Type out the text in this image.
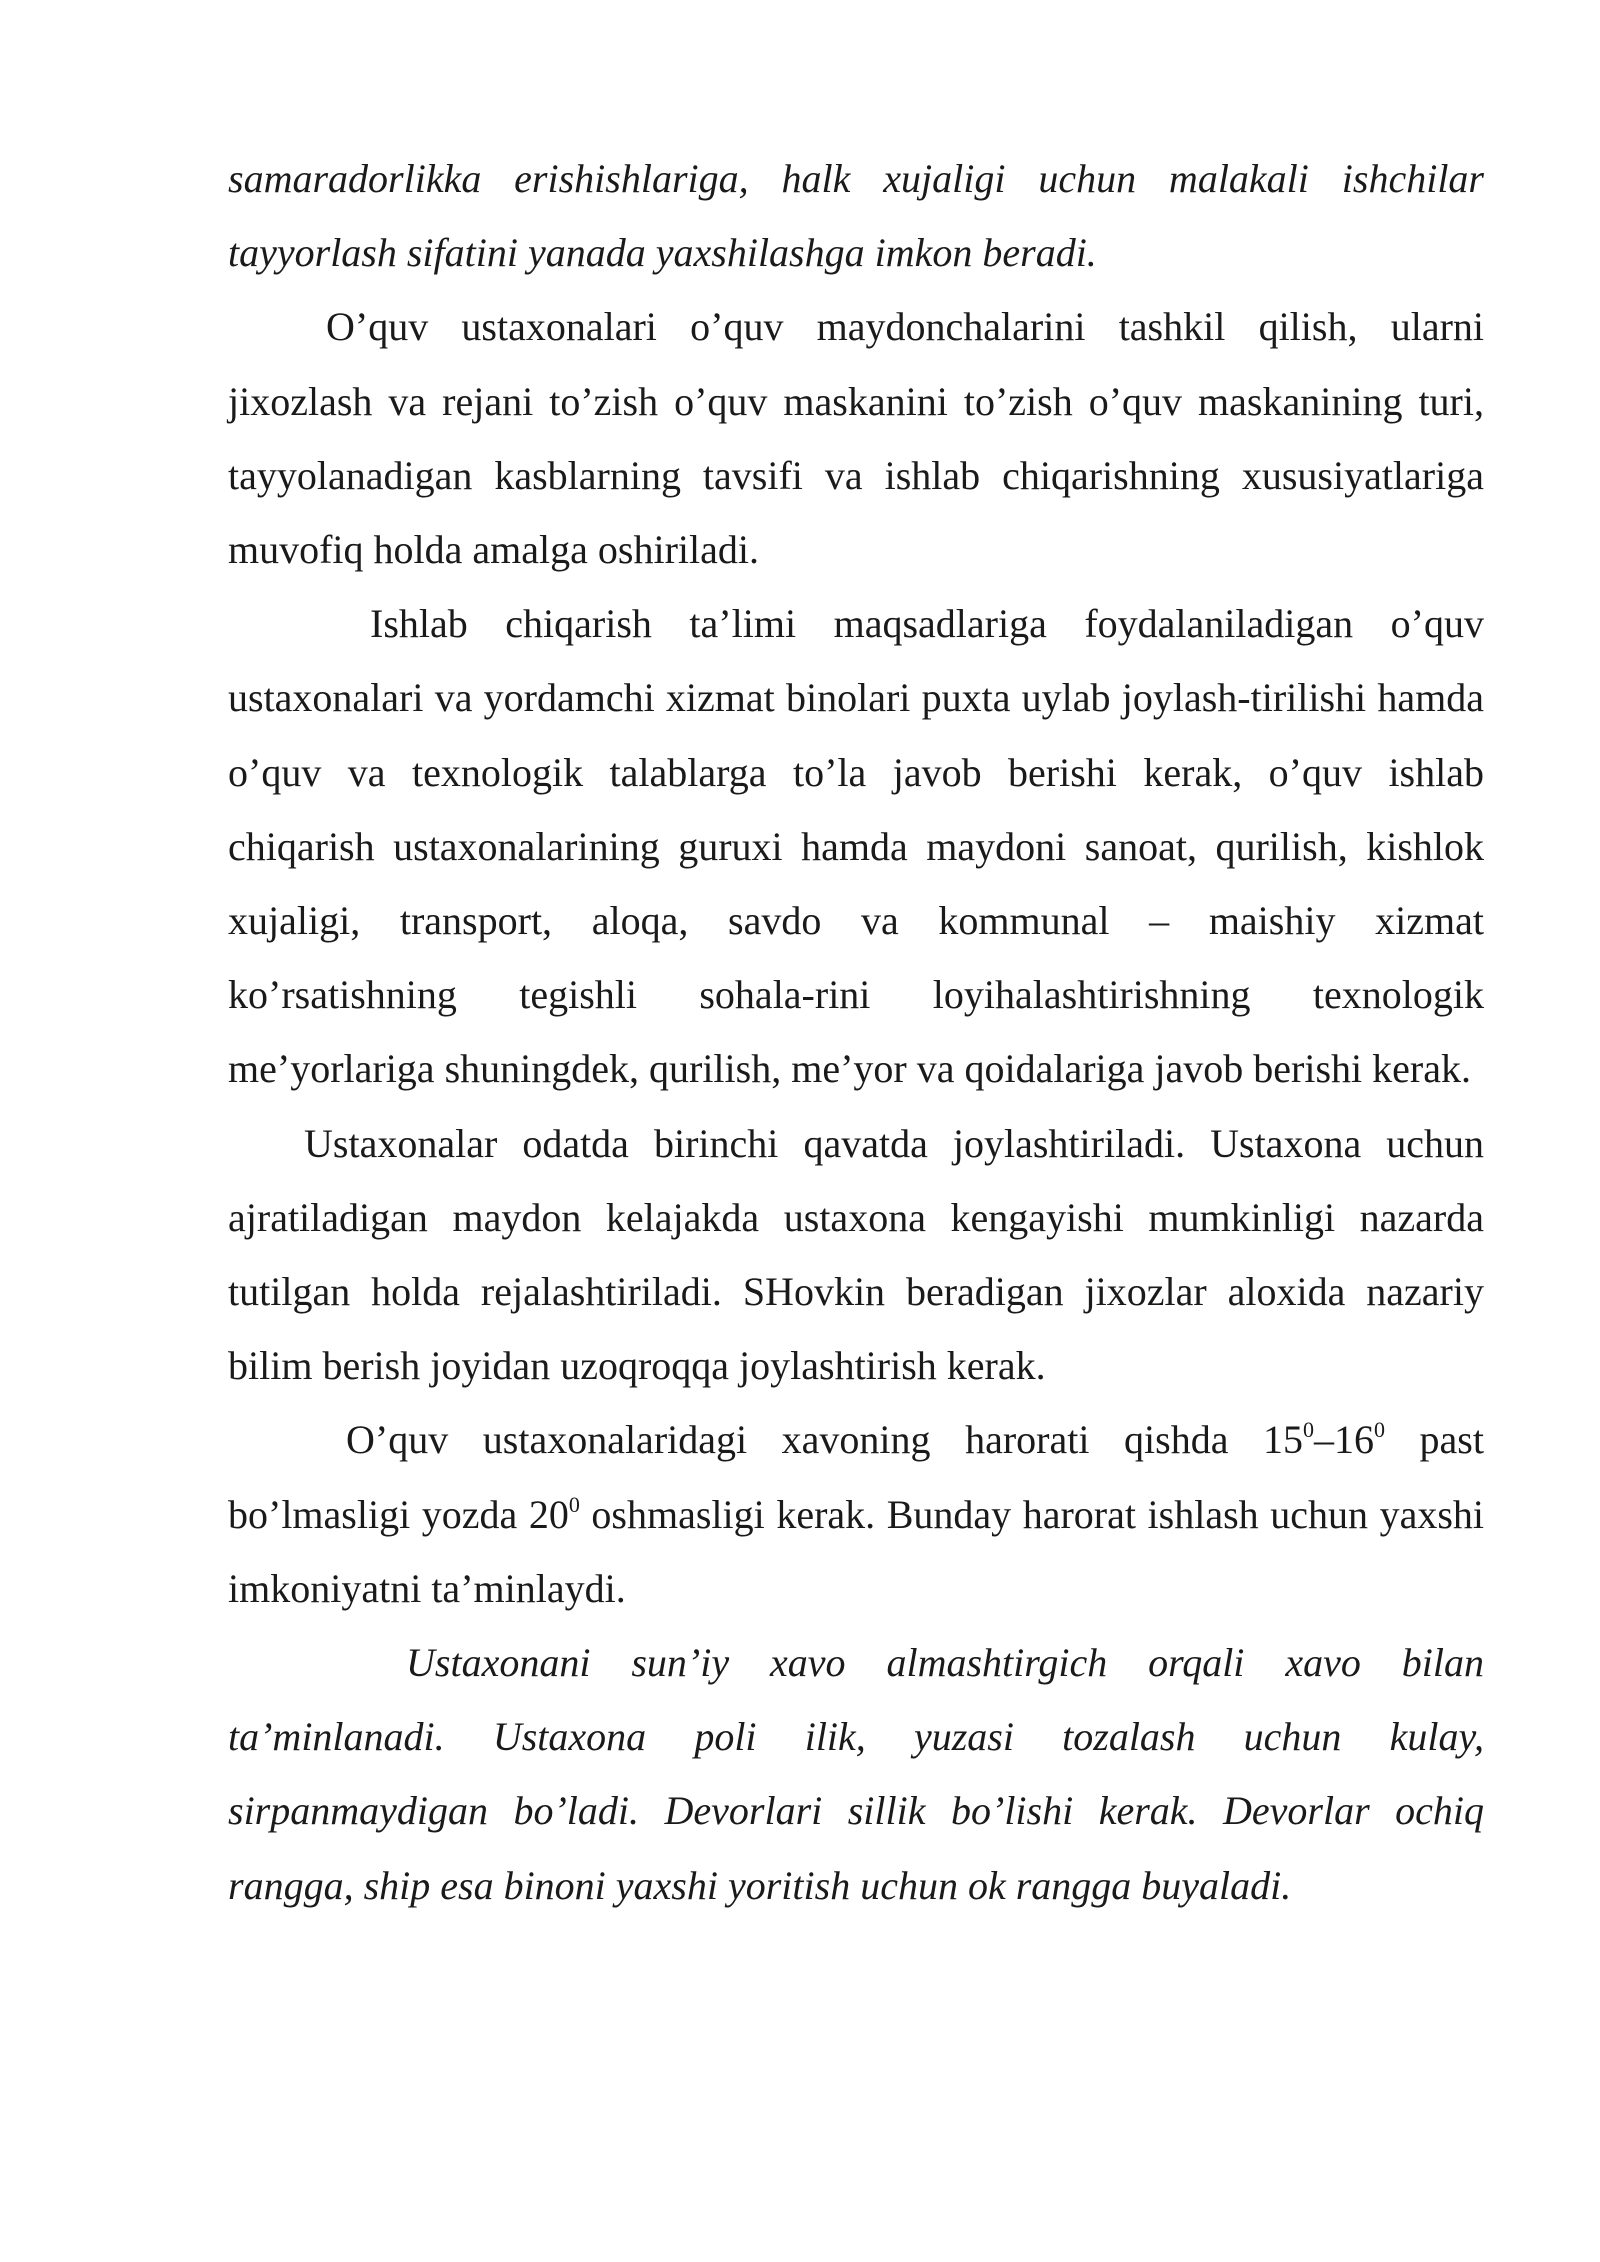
samaradorlikka erishishlariga, halk xujaligi uchun malakali ishchilar tayyorlash sifatini yanada yaxshilashga imkon beradi.

O’quv ustaxonalari o’quv maydonchalarini tashkil qilish, ularni jixozlash va rejani to’zish o’quv maskanini to’zish o’quv maskanining turi, tayyolanadigan kasblarning tavsifi va ishlab chiqarishning xususiyatlariga muvofiq holda amalga oshiriladi.

Ishlab chiqarish ta’limi maqsadlariga foydalaniladigan o’quv ustaxonalari va yordamchi xizmat binolari puxta uylab joylash-tirilishi hamda o’quv va texnologik talablarga to’la javob berishi kerak, o’quv ishlab chiqarish ustaxonalarining guruxi hamda maydoni sanoat, qurilish, kishlok xujaligi, transport, aloqa, savdo va kommunal – maishiy xizmat ko’rsatishning tegishli sohala-rini loyihalashtirishning texnologik me’yorlariga shuningdek, qurilish, me’yor va qoidalariga javob berishi kerak.

Ustaxonalar odatda birinchi qavatda joylashtiriladi. Ustaxona uchun ajratiladigan maydon kelajakda ustaxona kengayishi mumkinligi nazarda tutilgan holda rejalashtiriladi. SHovkin beradigan jixozlar aloxida nazariy bilim berish joyidan uzoqroqqa joylashtirish kerak.

O’quv ustaxonalaridagi xavoning harorati qishda $15^0-16^0$ past bo’lmasligi yozda $20^0$ oshmasligi kerak. Bunday harorat ishlash uchun yaxshi imkoniyatni ta’minlaydi.

Ustaxonani sun’iy xavo almashtirgich orqali xavo bilan ta’minlanadi. Ustaxona poli ilik, yuzasi tozalash uchun kulay, sirpanmaydigan bo’ladi. Devorlari sillik bo’lishi kerak. Devorlar ochiq rangga, ship esa binoni yaxshi yoritish uchun ok rangga buyaladi.
